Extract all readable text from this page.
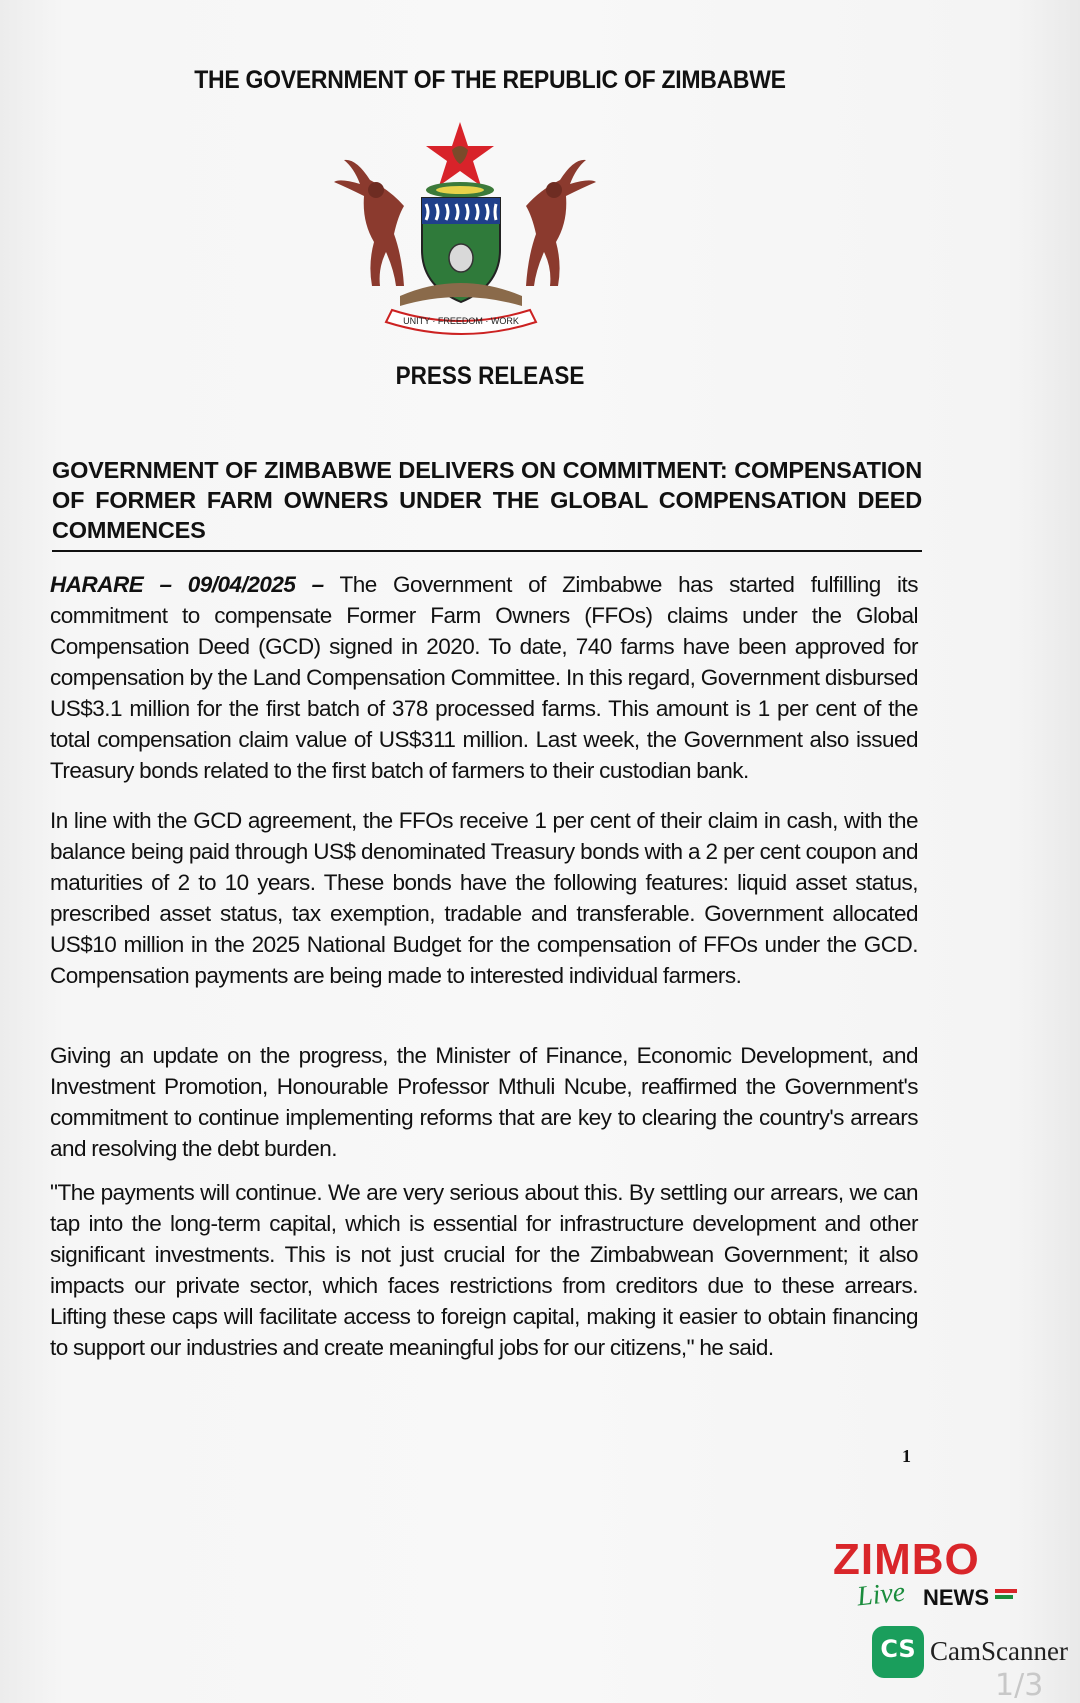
THE GOVERNMENT OF THE REPUBLIC OF ZIMBABWE
UNITY · FREEDOM · WORK
PRESS RELEASE
GOVERNMENT OF ZIMBABWE DELIVERS ON COMMITMENT: COMPENSATION OF FORMER FARM OWNERS UNDER THE GLOBAL COMPENSATION DEED COMMENCES
HARARE – 09/04/2025 – The Government of Zimbabwe has started fulfilling its commitment to compensate Former Farm Owners (FFOs) claims under the Global Compensation Deed (GCD) signed in 2020. To date, 740 farms have been approved for compensation by the Land Compensation Committee. In this regard, Government disbursed US$3.1 million for the first batch of 378 processed farms. This amount is 1 per cent of the total compensation claim value of US$311 million. Last week, the Government also issued Treasury bonds related to the first batch of farmers to their custodian bank.
In line with the GCD agreement, the FFOs receive 1 per cent of their claim in cash, with the balance being paid through US$ denominated Treasury bonds with a 2 per cent coupon and maturities of 2 to 10 years. These bonds have the following features: liquid asset status, prescribed asset status, tax exemption, tradable and transferable. Government allocated US$10 million in the 2025 National Budget for the compensation of FFOs under the GCD. Compensation payments are being made to interested individual farmers.
Giving an update on the progress, the Minister of Finance, Economic Development, and Investment Promotion, Honourable Professor Mthuli Ncube, reaffirmed the Government's commitment to continue implementing reforms that are key to clearing the country's arrears and resolving the debt burden.
"The payments will continue. We are very serious about this. By settling our arrears, we can tap into the long-term capital, which is essential for infrastructure development and other significant investments. This is not just crucial for the Zimbabwean Government; it also impacts our private sector, which faces restrictions from creditors due to these arrears. Lifting these caps will facilitate access to foreign capital, making it easier to obtain financing to support our industries and create meaningful jobs for our citizens," he said.
1
ZIMBO
Live NEWS
CS CamScanner
1/3
